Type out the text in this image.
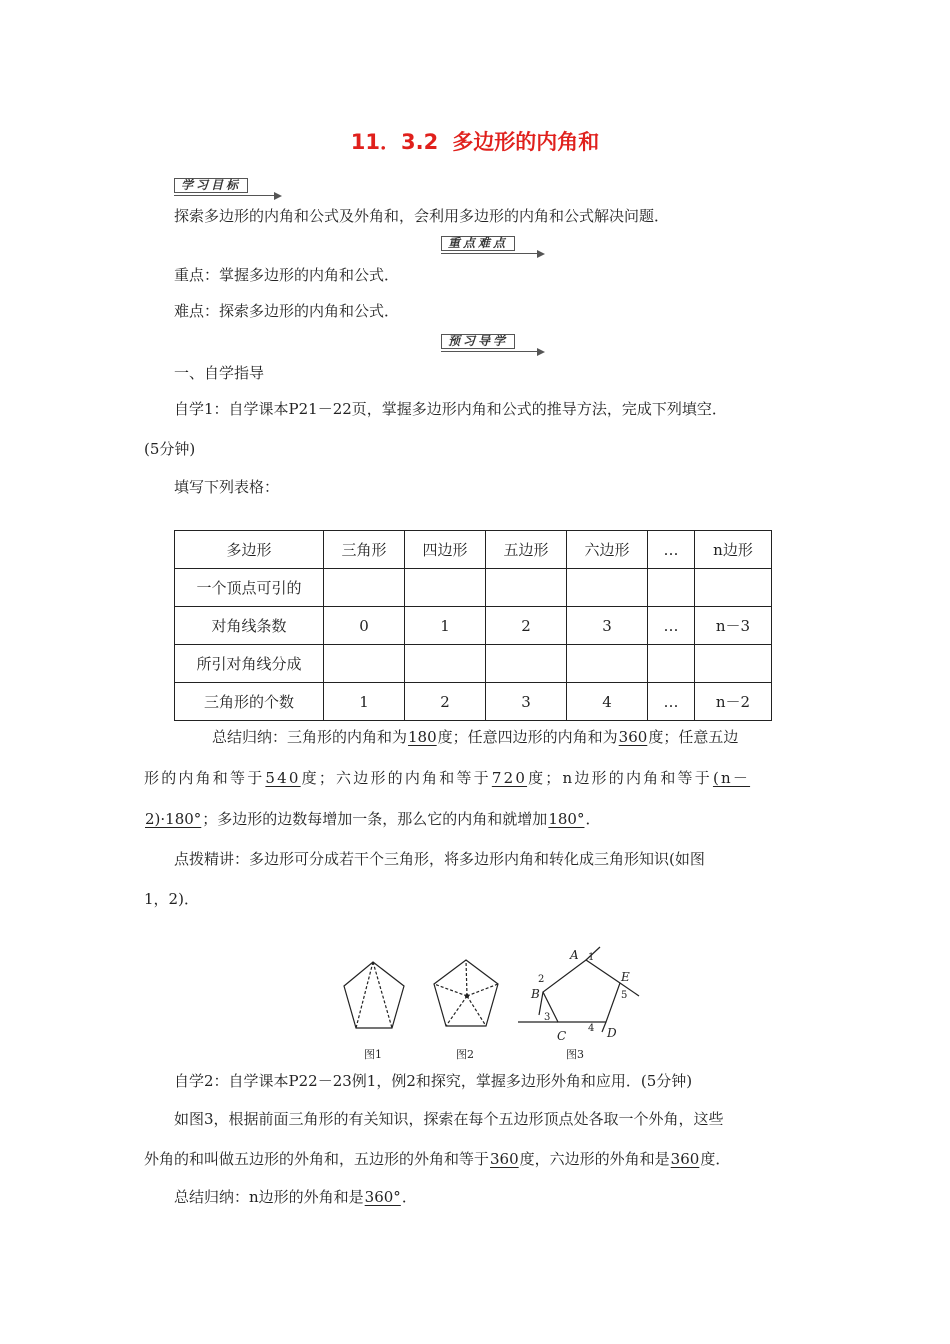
11．3.2 多边形的内角和
学习目标
探索多边形的内角和公式及外角和，会利用多边形的内角和公式解决问题．
重点难点
重点：掌握多边形的内角和公式．
难点：探索多边形的内角和公式．
预习导学
一、自学指导
自学1：自学课本P21－22页，掌握多边形内角和公式的推导方法，完成下列填空．
(5分钟)
填写下列表格：
多边形	三角形	四边形	五边形	六边形	…	n边形
一个顶点可引的						
对角线条数	0	1	2	3	…	n－3
所引对角线分成						
三角形的个数	1	2	3	4	…	n－2
总结归纳：三角形的内角和为180度；任意四边形的内角和为360度；任意五边
形的内角和等于540度；六边形的内角和等于720度；n边形的内角和等于(n－
2)·180°；多边形的边数每增加一条，那么它的内角和就增加180°．
点拨精讲：多边形可分成若干个三角形，将多边形内角和转化成三角形知识(如图
1，2)．
A
B
C	D
E
1
2
3
4
5
图1	图2	图3
自学2：自学课本P22－23例1，例2和探究，掌握多边形外角和应用．(5分钟)
如图3，根据前面三角形的有关知识，探索在每个五边形顶点处各取一个外角，这些
外角的和叫做五边形的外角和，五边形的外角和等于360度，六边形的外角和是360度．
总结归纳：n边形的外角和是360°．
